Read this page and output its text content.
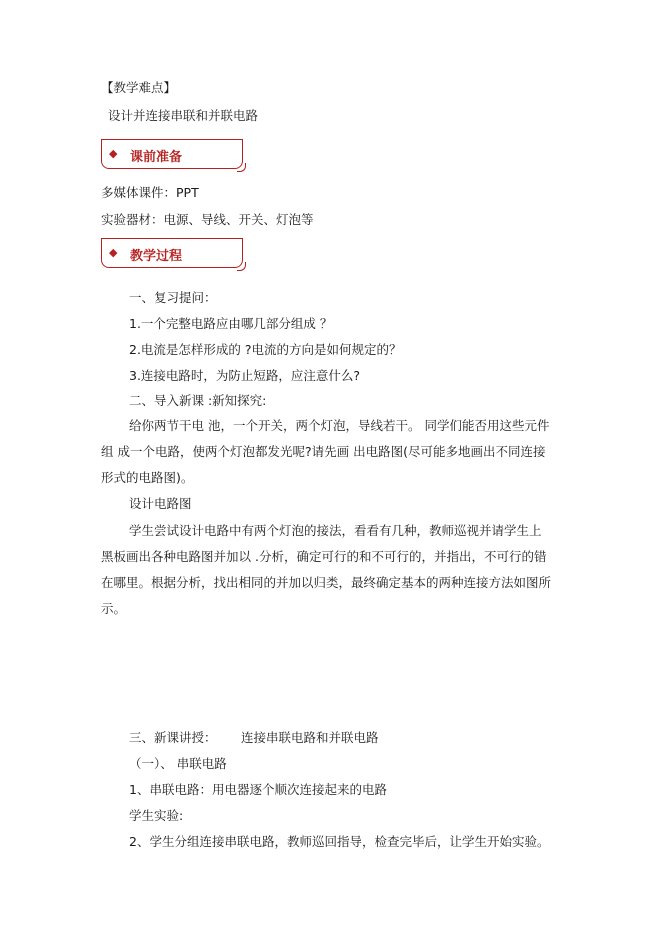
【教学难点】
设计并连接串联和并联电路
◆ 课前准备
多媒体课件：PPT
实验器材：电源、导线、开关、灯泡等
◆ 教学过程
一、复习提问：
1.一个完整电路应由哪几部分组成 ？
2.电流是怎样形成的 ?电流的方向是如何规定的？
3.连接电路时，为防止短路，应注意什么?
二、导入新课 :新知探究:
给你两节干电 池，一个开关，两个灯泡，导线若干。 同学们能否用这些元件
组 成一个电路，使两个灯泡都发光呢?请先画 出电路图(尽可能多地画出不同连接
形式的电路图)。
设计电路图
学生尝试设计电路中有两个灯泡的接法，看看有几种，教师巡视并请学生上
黑板画出各种电路图并加以 .分析，确定可行的和不可行的，并指出，不可行的错
在哪里。根据分析，找出相同的并加以归类，最终确定基本的两种连接方法如图所
示。
三、新课讲授： 连接串联电路和并联电路
（一）、 串联电路
1、串联电路：用电器逐个顺次连接起来的电路
学生实验:
2、学生分组连接串联电路，教师巡回指导，检查完毕后，让学生开始实验。
